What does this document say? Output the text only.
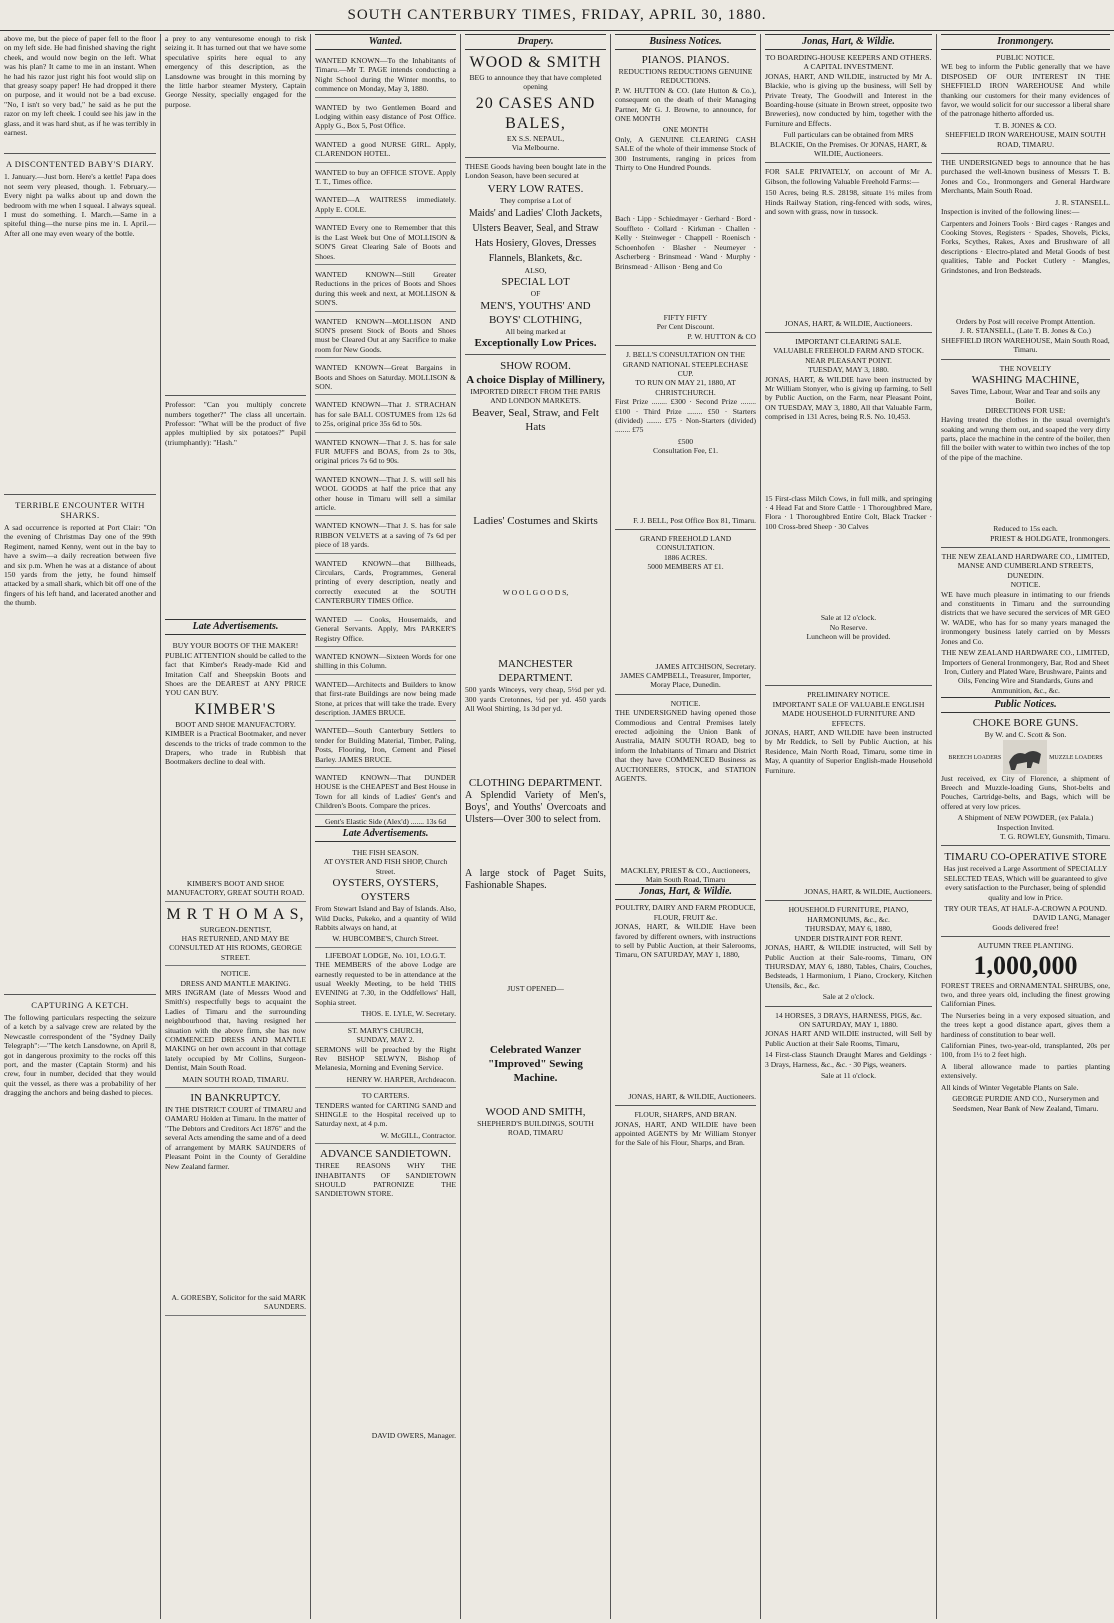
SOUTH CANTERBURY TIMES, FRIDAY, APRIL 30, 1880.

above me, but the piece of paper fell to the floor on my left side. He had finished shaving the right cheek, and would now begin on the left. What was his plan? It came to me in an instant. When he had his razor just right his foot would slip on that greasy soapy paper! He had dropped it there on purpose, and it would not be a bad excuse. "No, I isn't so very bad," he said as he put the razor on my left cheek. I could see his jaw in the glass, and it was hard shut, as if he was terribly in earnest.

A DISCONTENTED BABY'S DIARY.

1. January.—Just born. Here's a kettle! Papa does not seem very pleased, though. 1. February.—Every night pa walks about up and down the bedroom with me when I squeal. I always squeal. I must do something. I. March.—Same in a spiteful thing—the nurse pins me in. I. April.—After all one may even weary of the bottle.

TERRIBLE ENCOUNTER WITH SHARKS.

A sad occurrence is reported at Port Clair: "On the evening of Christmas Day one of the 99th Regiment, named Kenny, went out in the bay to have a swim—a daily recreation between five and six p.m. When he was at a distance of about 150 yards from the jetty, he found himself attacked by a small shark, which bit off one of the fingers of his left hand, and lacerated another and the thumb.

CAPTURING A KETCH.

The following particulars respecting the seizure of a ketch by a salvage crew are related by the Newcastle correspondent of the "Sydney Daily Telegraph":—"The ketch Lansdowne, on April 8, got in dangerous proximity to the rocks off this port, and the master (Captain Storm) and his crew, four in number, decided that they would quit the vessel, as there was a probability of her dragging the anchors and being dashed to pieces.

a prey to any venturesome enough to risk seizing it. It has turned out that we have some speculative spirits here equal to any emergency of this description, as the Lansdowne was brought in this morning by the little harbor steamer Mystery, Captain George Nessity, specially engaged for the purpose.

Professor: "Can you multiply concrete numbers together?" The class all uncertain. Professor: "What will be the product of five apples multiplied by six potatoes?" Pupil (triumphantly): "Hash."

Late Advertisements.
BUY YOUR BOOTS OF THE MAKER!

PUBLIC ATTENTION should be called to the fact that Kimber's Ready-made Kid and Imitation Calf and Sheepskin Boots and Shoes are the DEAREST at ANY PRICE YOU CAN BUY.

KIMBER'S
BOOT AND SHOE MANUFACTORY.

KIMBER is a Practical Bootmaker, and never descends to the tricks of trade common to the Drapers, who trade in Rubbish that Bootmakers decline to deal with.

KIMBER'S BOOT AND SHOE MANUFACTORY, GREAT SOUTH ROAD.
M R T H O M A S,
SURGEON-DENTIST,
HAS RETURNED, AND MAY BE CONSULTED AT HIS ROOMS, GEORGE STREET.
NOTICE.
DRESS AND MANTLE MAKING.

MRS INGRAM (late of Messrs Wood and Smith's) respectfully begs to acquaint the Ladies of Timaru and the surrounding neighbourhood that, having resigned her situation with the above firm, she has now COMMENCED DRESS AND MANTLE MAKING on her own account in that cottage lately occupied by Mr Collins, Surgeon-Dentist, Main South Road.

MAIN SOUTH ROAD, TIMARU.
IN BANKRUPTCY.

IN THE DISTRICT COURT of TIMARU and OAMARU Holden at Timaru. In the matter of "The Debtors and Creditors Act 1876" and the several Acts amending the same and of a deed of arrangement by MARK SAUNDERS of Pleasant Point in the County of Geraldine New Zealand farmer.

A. GORESBY, Solicitor for the said MARK SAUNDERS.
Wanted.

WANTED KNOWN—To the Inhabitants of Timaru.—Mr T. PAGE intends conducting a Night School during the Winter months, to commence on Monday, May 3, 1880.

WANTED by two Gentlemen Board and Lodging within easy distance of Post Office. Apply G., Box 5, Post Office.

WANTED a good NURSE GIRL. Apply, CLARENDON HOTEL.

WANTED to buy an OFFICE STOVE. Apply T. T., Times office.

WANTED—A WAITRESS immediately. Apply E. COLE.

WANTED Every one to Remember that this is the Last Week but One of MOLLISON & SON'S Great Clearing Sale of Boots and Shoes.

WANTED KNOWN—Still Greater Reductions in the prices of Boots and Shoes during this week and next, at MOLLISON & SON'S.

WANTED KNOWN—MOLLISON AND SON'S present Stock of Boots and Shoes must be Cleared Out at any Sacrifice to make room for New Goods.

WANTED KNOWN—Great Bargains in Boots and Shoes on Saturday. MOLLISON & SON.

WANTED KNOWN—That J. STRACHAN has for sale BALL COSTUMES from 12s 6d to 25s, original price 35s 6d to 50s.

WANTED KNOWN—That J. S. has for sale FUR MUFFS and BOAS, from 2s to 30s, original prices 7s 6d to 90s.

WANTED KNOWN—That J. S. will sell his WOOL GOODS at half the price that any other house in Timaru will sell a similar article.

WANTED KNOWN—That J. S. has for sale RIBBON VELVETS at a saving of 7s 6d per piece of 18 yards.

WANTED KNOWN—that Billheads, Circulars, Cards, Programmes, General printing of every description, neatly and correctly executed at the SOUTH CANTERBURY TIMES Office.

WANTED — Cooks, Housemaids, and General Servants. Apply, Mrs PARKER'S Registry Office.

WANTED KNOWN—Sixteen Words for one shilling in this Column.

WANTED—Architects and Builders to know that first-rate Buildings are now being made Stone, at prices that will take the trade. Every description. JAMES BRUCE.

WANTED—South Canterbury Settlers to tender for Building Material, Timber, Paling, Posts, Flooring, Iron, Cement and Piesel Barley. JAMES BRUCE.

WANTED KNOWN—That DUNDER HOUSE is the CHEAPEST and Best House in Town for all kinds of Ladies' Gent's and Children's Boots. Compare the prices.

Gent's Elastic Side (Alex'd) ....... 13s 6d
Late Advertisements.
THE FISH SEASON.
AT OYSTER AND FISH SHOP, Church Street.
OYSTERS, OYSTERS, OYSTERS

From Stewart Island and Bay of Islands. Also, Wild Ducks, Pukeko, and a quantity of Wild Rabbits always on hand, at

W. HUBCOMBE'S, Church Street.
LIFEBOAT LODGE, No. 101, I.O.G.T.

THE MEMBERS of the above Lodge are earnestly requested to be in attendance at the usual Weekly Meeting, to be held THIS EVENING at 7.30, in the Oddfellows' Hall, Sophia street.

THOS. E. LYLE, W. Secretary.
ST. MARY'S CHURCH,
SUNDAY, MAY 2.

SERMONS will be preached by the Right Rev BISHOP SELWYN, Bishop of Melanesia, Morning and Evening Service.

HENRY W. HARPER, Archdeacon.
TO CARTERS.

TENDERS wanted for CARTING SAND and SHINGLE to the Hospital received up to Saturday next, at 4 p.m.

W. McGILL, Contractor.
ADVANCE SANDIETOWN.

THREE REASONS WHY THE INHABITANTS OF SANDIETOWN SHOULD PATRONIZE THE SANDIETOWN STORE.

DAVID OWERS, Manager.
Drapery.
WOOD & SMITH

BEG to announce they that have completed opening

20 CASES AND BALES,
EX S.S. NEPAUL,
Via Melbourne.

THESE Goods having been bought late in the London Season, have been secured at

VERY LOW RATES.
They comprise a Lot of
Maids' and Ladies' Cloth Jackets, Ulsters Beaver, Seal, and Straw Hats Hosiery, Gloves, Dresses Flannels, Blankets, &c.
ALSO,
SPECIAL LOT
OF
MEN'S, YOUTHS' AND BOYS' CLOTHING,
All being marked at
Exceptionally Low Prices.
SHOW ROOM.
A choice Display of Millinery,
IMPORTED DIRECT FROM THE PARIS AND LONDON MARKETS.
Beaver, Seal, Straw, and Felt Hats
Ladies' Costumes and Skirts
W O O L G O O D S,
MANCHESTER DEPARTMENT.

500 yards Winceys, very cheap, 5½d per yd. 300 yards Cretonnes, ½d per yd. 450 yards All Wool Shirting, 1s 3d per yd.

CLOTHING DEPARTMENT.

A Splendid Variety of Men's, Boys', and Youths' Overcoats and Ulsters—Over 300 to select from.

A large stock of Paget Suits, Fashionable Shapes.

JUST OPENED—
Celebrated Wanzer "Improved" Sewing Machine.
WOOD AND SMITH,
SHEPHERD'S BUILDINGS, SOUTH ROAD, TIMARU
Business Notices.
PIANOS. PIANOS.
REDUCTIONS REDUCTIONS GENUINE REDUCTIONS.

P. W. HUTTON & CO. (late Hutton & Co.), consequent on the death of their Managing Partner, Mr G. J. Browne, to announce, for ONE MONTH

ONE MONTH

Only, A GENUINE CLEARING CASH SALE of the whole of their immense Stock of 300 Instruments, ranging in prices from Thirty to One Hundred Pounds.

Bach · Lipp · Schiedmayer · Gerhard · Bord · Souffleto · Collard · Kirkman · Challen · Kelly · Steinweger · Chappell · Roenisch · Schoenhofen · Blasher · Neumeyer · Ascherberg · Brinsmead · Wand · Murphy · Brinsmead · Allison · Beng and Co

FIFTY FIFTY
Per Cent Discount.
P. W. HUTTON & CO
J. BELL'S CONSULTATION ON THE GRAND NATIONAL STEEPLECHASE CUP.
TO RUN ON MAY 21, 1880, AT CHRISTCHURCH.

First Prize ........ £300 · Second Prize ........ £100 · Third Prize ........ £50 · Starters (divided) ........ £75 · Non-Starters (divided) ........ £75

£500
Consultation Fee, £1.
F. J. BELL, Post Office Box 81, Timaru.
GRAND FREEHOLD LAND CONSULTATION.
1886 ACRES.
5000 MEMBERS AT £1.
JAMES AITCHISON, Secretary.
JAMES CAMPBELL, Treasurer, Importer, Moray Place, Dunedin.
NOTICE.

THE UNDERSIGNED having opened those Commodious and Central Premises lately erected adjoining the Union Bank of Australia, MAIN SOUTH ROAD, beg to inform the Inhabitants of Timaru and District that they have COMMENCED Business as AUCTIONEERS, STOCK, and STATION AGENTS.

MACKLEY, PRIEST & CO., Auctioneers, Main South Road, Timaru
Jonas, Hart, & Wildie.
POULTRY, DAIRY AND FARM PRODUCE, FLOUR, FRUIT &c.

JONAS, HART, & WILDIE Have been favored by different owners, with instructions to sell by Public Auction, at their Salerooms, Timaru, ON SATURDAY, MAY 1, 1880,

JONAS, HART, & WILDIE, Auctioneers.
FLOUR, SHARPS, AND BRAN.

JONAS, HART, AND WILDIE have been appointed AGENTS by Mr William Stonyer for the Sale of his Flour, Sharps, and Bran.

Jonas, Hart, & Wildie.
TO BOARDING-HOUSE KEEPERS AND OTHERS.
A CAPITAL INVESTMENT.

JONAS, HART, AND WILDIE, instructed by Mr A. Blackie, who is giving up the business, will Sell by Private Treaty, The Goodwill and Interest in the Boarding-house (situate in Brown street, opposite two Breweries), now conducted by him, together with the Furniture and Effects.

Full particulars can be obtained from MRS BLACKIE, On the Premises. Or JONAS, HART, & WILDIE, Auctioneers.

FOR SALE PRIVATELY, on account of Mr A. Gibson, the following Valuable Freehold Farms:—

150 Acres, being R.S. 28198, situate 1½ miles from Hinds Railway Station, ring-fenced with sods, wires, and sown with grass, now in tussock.

JONAS, HART, & WILDIE, Auctioneers.
IMPORTANT CLEARING SALE.
VALUABLE FREEHOLD FARM AND STOCK.
NEAR PLEASANT POINT.
TUESDAY, MAY 3, 1880.

JONAS, HART, & WILDIE have been instructed by Mr William Stonyer, who is giving up farming, to Sell by Public Auction, on the Farm, near Pleasant Point, ON TUESDAY, MAY 3, 1880, All that Valuable Farm, comprised in 131 Acres, being R.S. No. 10,453.

15 First-class Milch Cows, in full milk, and springing · 4 Head Fat and Store Cattle · 1 Thoroughbred Mare, Flora · 1 Thoroughbred Entire Colt, Black Tracker · 100 Cross-bred Sheep · 30 Calves

Sale at 12 o'clock.
No Reserve.
Luncheon will be provided.
PRELIMINARY NOTICE.
IMPORTANT SALE OF VALUABLE ENGLISH MADE HOUSEHOLD FURNITURE AND EFFECTS.

JONAS, HART, AND WILDIE have been instructed by Mr Reddick, to Sell by Public Auction, at his Residence, Main North Road, Timaru, some time in May, A quantity of Superior English-made Household Furniture.

JONAS, HART, & WILDIE, Auctioneers.
HOUSEHOLD FURNITURE, PIANO, HARMONIUMS, &c., &c.
THURSDAY, MAY 6, 1880,
UNDER DISTRAINT FOR RENT.

JONAS, HART, & WILDIE instructed, will Sell by Public Auction at their Sale-rooms, Timaru, ON THURSDAY, MAY 6, 1880, Tables, Chairs, Couches, Bedsteads, 1 Harmonium, 1 Piano, Crockery, Kitchen Utensils, &c., &c.

Sale at 2 o'clock.
14 HORSES, 3 DRAYS, HARNESS, PIGS, &c.
ON SATURDAY, MAY 1, 1880.

JONAS HART AND WILDIE instructed, will Sell by Public Auction at their Sale Rooms, Timaru,

14 First-class Staunch Draught Mares and Geldings · 3 Drays, Harness, &c., &c. · 30 Pigs, weaners.

Sale at 11 o'clock.
Ironmongery.
PUBLIC NOTICE.

WE beg to inform the Public generally that we have DISPOSED OF OUR INTEREST IN THE SHEFFIELD IRON WAREHOUSE And while thanking our customers for their many evidences of favor, we would solicit for our successor a liberal share of the patronage hitherto afforded us.

T. B. JONES & CO.
SHEFFIELD IRON WAREHOUSE, MAIN SOUTH ROAD, TIMARU.

THE UNDERSIGNED begs to announce that he has purchased the well-known business of Messrs T. B. Jones and Co., Ironmongers and General Hardware Merchants, Main South Road.

J. R. STANSELL.

Inspection is invited of the following lines:—

Carpenters and Joiners Tools · Bird cages · Ranges and Cooking Stoves, Registers · Spades, Shovels, Picks, Forks, Scythes, Rakes, Axes and Brushware of all descriptions · Electro-plated and Metal Goods of best qualities, Table and Pocket Cutlery · Mangles, Grindstones, and Iron Bedsteads.

Orders by Post will receive Prompt Attention.
J. R. STANSELL, (Late T. B. Jones & Co.) SHEFFIELD IRON WAREHOUSE, Main South Road, Timaru.
THE NOVELTY
WASHING MACHINE,
Saves Time, Labour, Wear and Tear and soils any Boiler.
DIRECTIONS FOR USE:

Having treated the clothes in the usual overnight's soaking and wrung them out, and soaped the very dirty parts, place the machine in the centre of the boiler, then fill the boiler with water to within two inches of the top of the pipe of the machine.

Reduced to 15s each.
PRIEST & HOLDGATE, Ironmongers.
THE NEW ZEALAND HARDWARE CO., LIMITED,
MANSE AND CUMBERLAND STREETS, DUNEDIN.
NOTICE.

WE have much pleasure in intimating to our friends and constituents in Timaru and the surrounding districts that we have secured the services of MR GEO W. WADE, who has for so many years managed the ironmongery business lately carried on by Messrs Jones and Co.

THE NEW ZEALAND HARDWARE CO., LIMITED,

Importers of General Ironmongery, Bar, Rod and Sheet Iron, Cutlery and Plated Ware, Brushware, Paints and Oils, Fencing Wire and Standards, Guns and Ammunition, &c., &c.

Public Notices.
CHOKE BORE GUNS.
By W. and C. Scott & Son.
BREECH LOADERS	MUZZLE LOADERS

Just received, ex City of Florence, a shipment of Breech and Muzzle-loading Guns, Shot-belts and Pouches, Cartridge-belts, and Bags, which will be offered at very low prices.

A Shipment of NEW POWDER, (ex Palala.)
Inspection Invited.
T. G. ROWLEY, Gunsmith, Timaru.
TIMARU CO-OPERATIVE STORE

Has just received a Large Assortment of SPECIALLY SELECTED TEAS, Which will be guaranteed to give every satisfaction to the Purchaser, being of splendid quality and low in Price.

TRY OUR TEAS, AT HALF-A-CROWN A POUND.
DAVID LANG, Manager
Goods delivered free!
AUTUMN TREE PLANTING.
1,000,000

FOREST TREES and ORNAMENTAL SHRUBS, one, two, and three years old, including the finest growing Californian Pines.

The Nurseries being in a very exposed situation, and the trees kept a good distance apart, gives them a hardiness of constitution to bear well.

Californian Pines, two-year-old, transplanted, 20s per 100, from 1½ to 2 feet high.

A liberal allowance made to parties planting extensively.

All kinds of Winter Vegetable Plants on Sale.

GEORGE PURDIE AND CO., Nurserymen and Seedsmen, Near Bank of New Zealand, Timaru.
